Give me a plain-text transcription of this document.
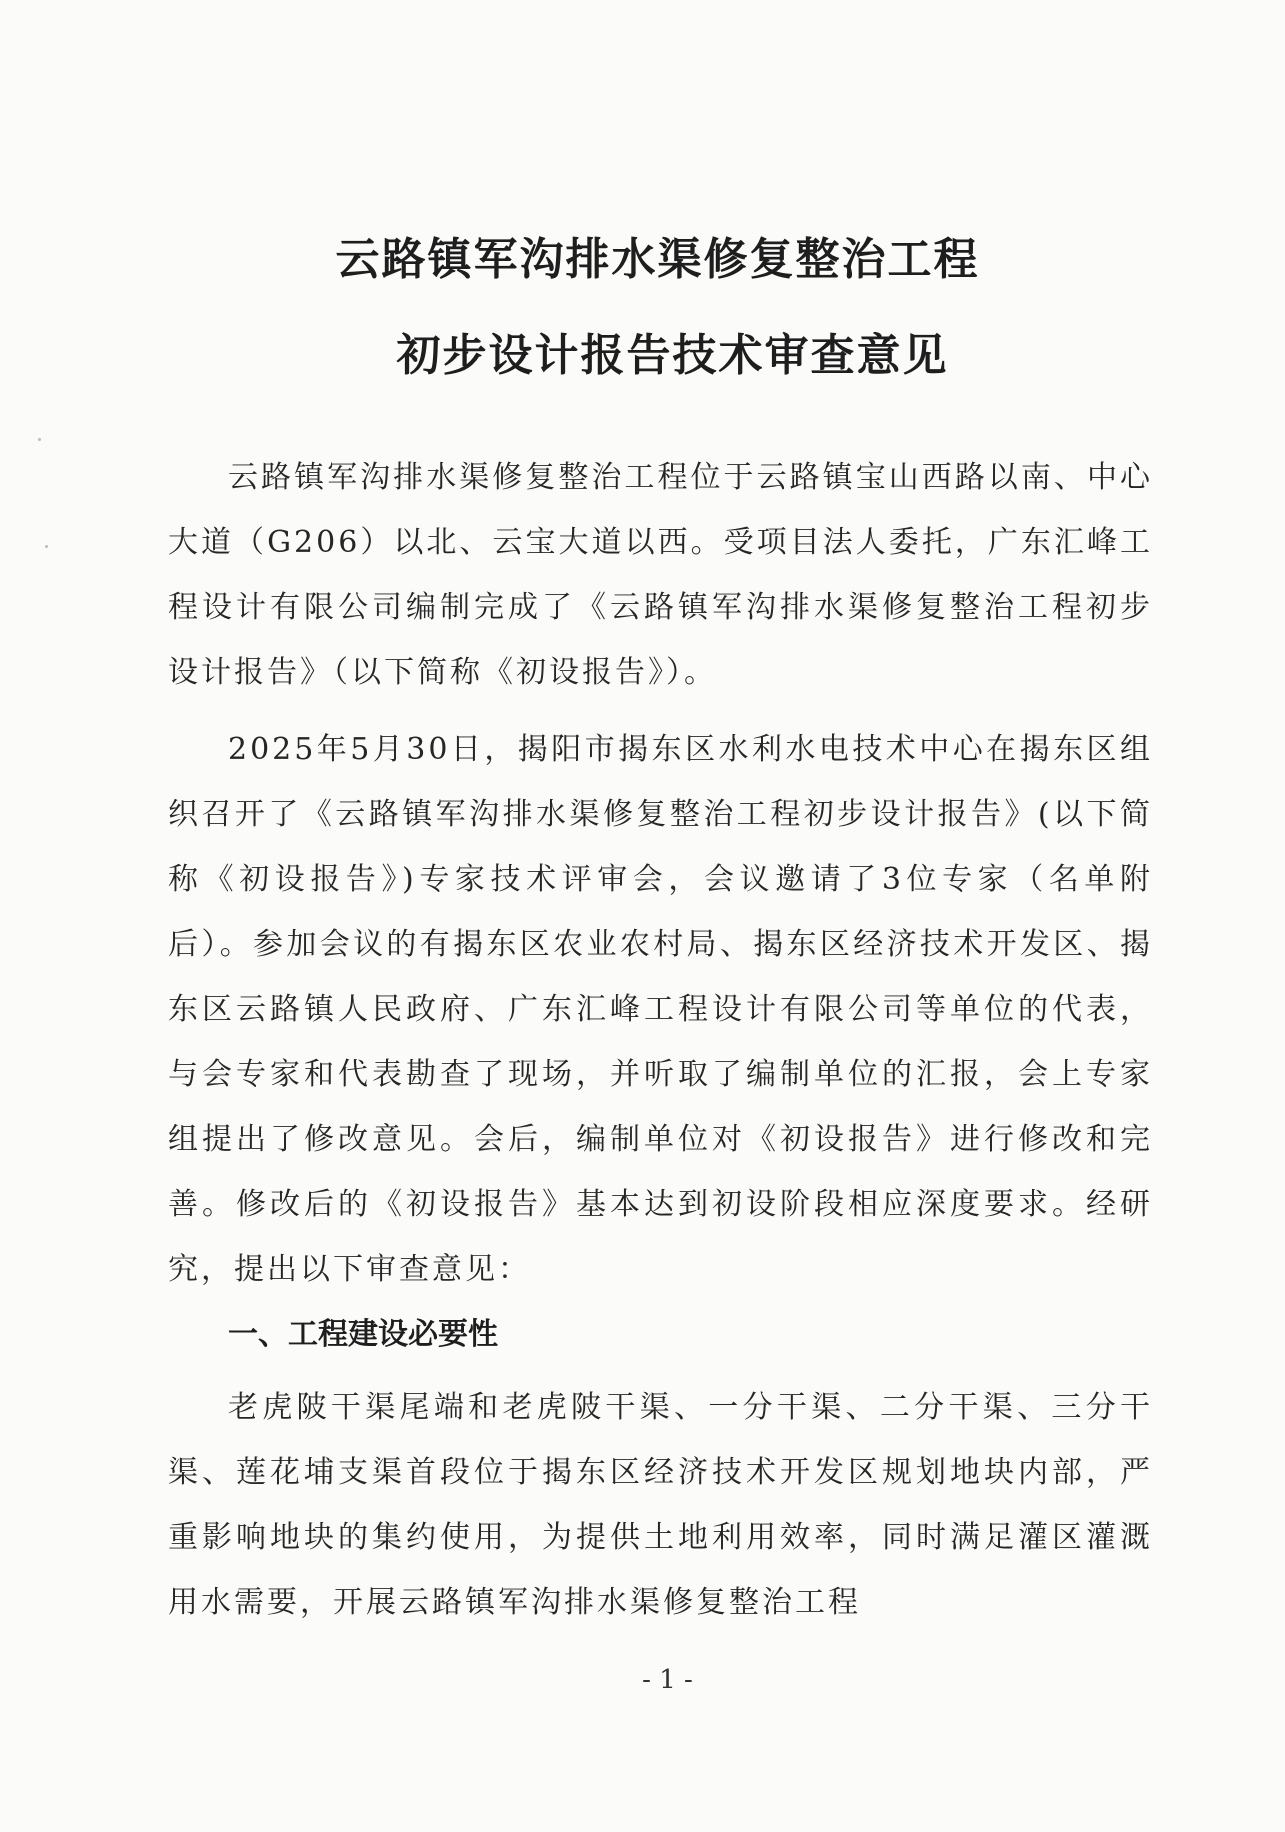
云路镇军沟排水渠修复整治工程
初步设计报告技术审查意见

云路镇军沟排水渠修复整治工程位于云路镇宝山西路以南、中心大道（G206）以北、云宝大道以西。受项目法人委托，广东汇峰工程设计有限公司编制完成了《云路镇军沟排水渠修复整治工程初步设计报告》（以下简称《初设报告》）。

2025年5月30日，揭阳市揭东区水利水电技术中心在揭东区组织召开了《云路镇军沟排水渠修复整治工程初步设计报告》(以下简称《初设报告》)专家技术评审会，会议邀请了3位专家（名单附后）。参加会议的有揭东区农业农村局、揭东区经济技术开发区、揭东区云路镇人民政府、广东汇峰工程设计有限公司等单位的代表，与会专家和代表勘查了现场，并听取了编制单位的汇报，会上专家组提出了修改意见。会后，编制单位对《初设报告》进行修改和完善。修改后的《初设报告》基本达到初设阶段相应深度要求。经研究，提出以下审查意见：

一、工程建设必要性

老虎陂干渠尾端和老虎陂干渠、一分干渠、二分干渠、三分干渠、莲花埔支渠首段位于揭东区经济技术开发区规划地块内部，严重影响地块的集约使用，为提供土地利用效率，同时满足灌区灌溉用水需要，开展云路镇军沟排水渠修复整治工程

- 1 -
